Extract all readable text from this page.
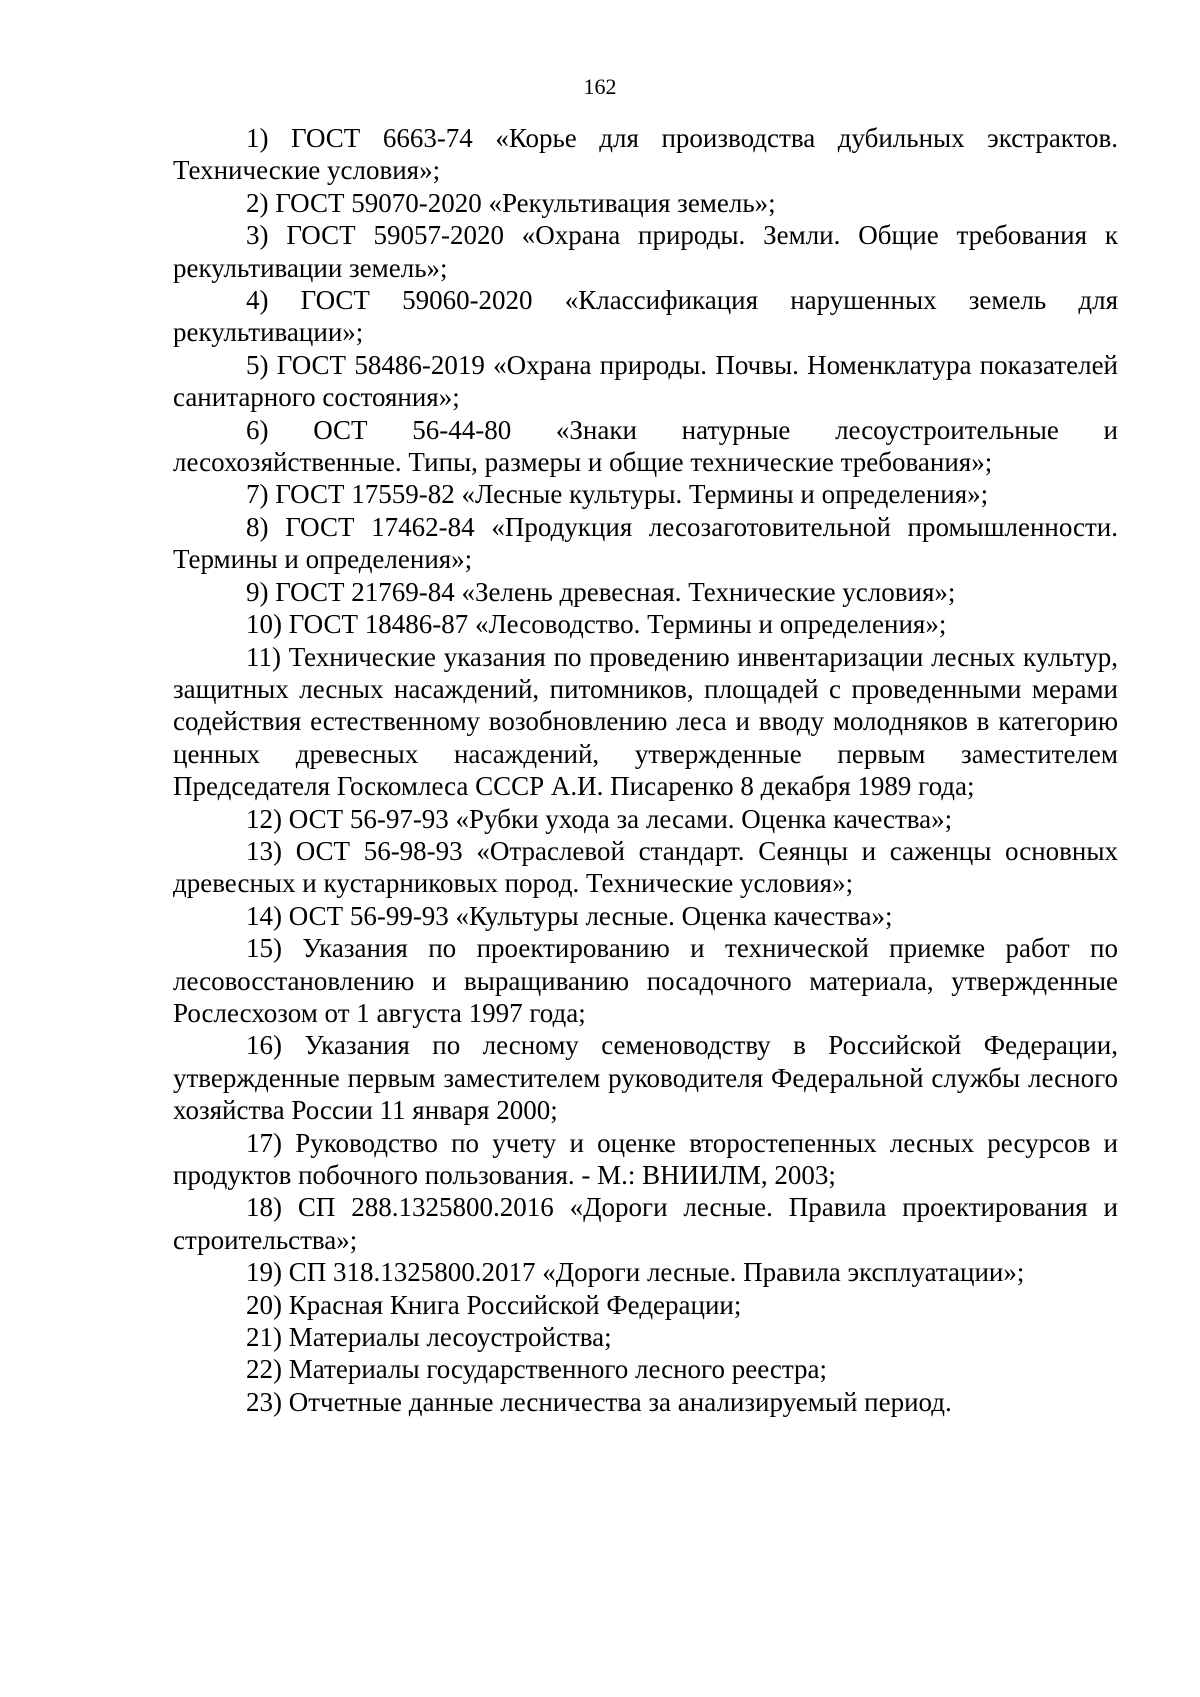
162

1) ГОСТ 6663-74 «Корье для производства дубильных экстрактов. Технические условия»;

2) ГОСТ 59070-2020 «Рекультивация земель»;

3) ГОСТ 59057-2020 «Охрана природы. Земли. Общие требования к рекультивации земель»;

4) ГОСТ 59060-2020 «Классификация нарушенных земель для рекультивации»;

5) ГОСТ 58486-2019 «Охрана природы. Почвы. Номенклатура показателей санитарного состояния»;

6) ОСТ 56-44-80 «Знаки натурные лесоустроительные и лесохозяйственные. Типы, размеры и общие технические требования»;

7) ГОСТ 17559-82 «Лесные культуры. Термины и определения»;

8) ГОСТ 17462-84 «Продукция лесозаготовительной промышленности. Термины и определения»;

9) ГОСТ 21769-84 «Зелень древесная. Технические условия»;

10) ГОСТ 18486-87 «Лесоводство. Термины и определения»;

11) Технические указания по проведению инвентаризации лесных культур, защитных лесных насаждений, питомников, площадей с проведенными мерами содействия естественному возобновлению леса и вводу молодняков в категорию ценных древесных насаждений, утвержденные первым заместителем Председателя Госкомлеса СССР А.И. Писаренко 8 декабря 1989 года;

12) ОСТ 56-97-93 «Рубки ухода за лесами. Оценка качества»;

13) ОСТ 56-98-93 «Отраслевой стандарт. Сеянцы и саженцы основных древесных и кустарниковых пород. Технические условия»;

14) ОСТ 56-99-93 «Культуры лесные. Оценка качества»;

15) Указания по проектированию и технической приемке работ по лесовосстановлению и выращиванию посадочного материала, утвержденные Рослесхозом от 1 августа 1997 года;

16) Указания по лесному семеноводству в Российской Федерации, утвержденные первым заместителем руководителя Федеральной службы лесного хозяйства России 11 января 2000;

17) Руководство по учету и оценке второстепенных лесных ресурсов и продуктов побочного пользования. - М.: ВНИИЛМ, 2003;

18) СП 288.1325800.2016 «Дороги лесные. Правила проектирования и строительства»;

19) СП 318.1325800.2017 «Дороги лесные. Правила эксплуатации»;

20) Красная Книга Российской Федерации;

21) Материалы лесоустройства;

22) Материалы государственного лесного реестра;

23) Отчетные данные лесничества за анализируемый период.
